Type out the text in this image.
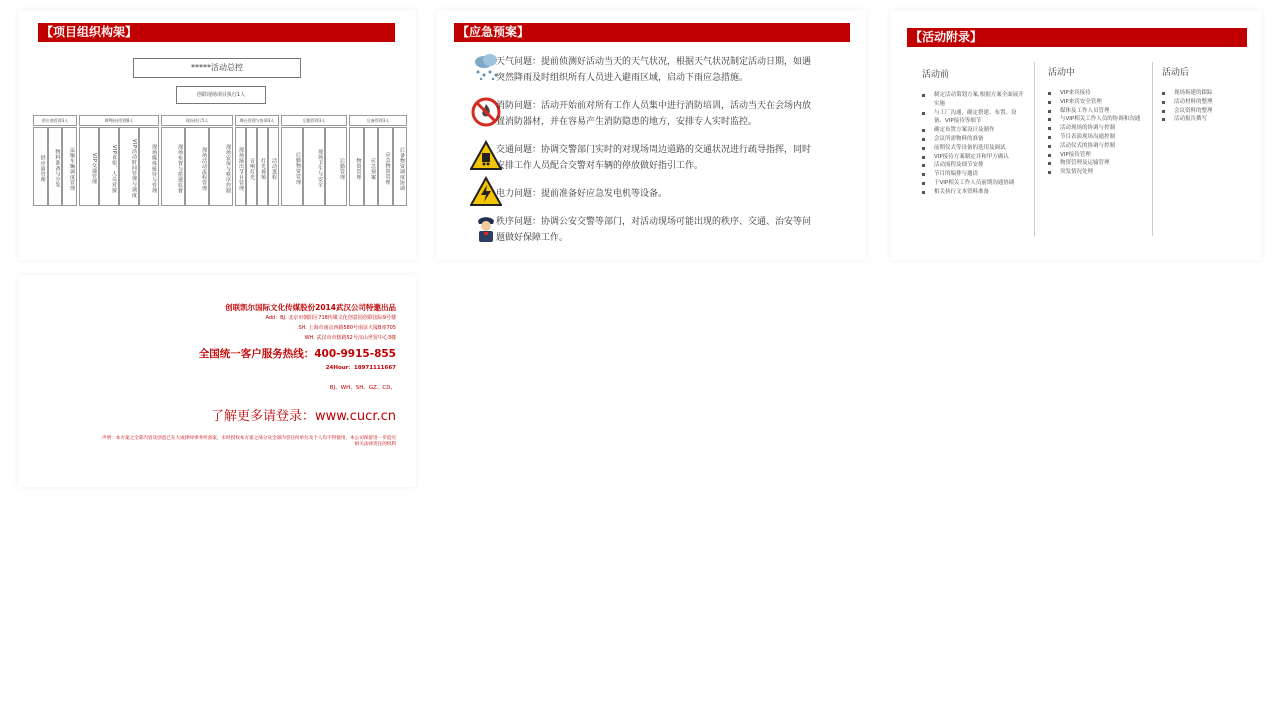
【项目组织构架】
*****活动总控
创联现场项目执行1人
供应商管理3人
供应商管理	物料准备与分发	运输车辆调度管理
VIP接待管理8人
VIP交通管理	VIP食宿、人员对接	VIP活动时间管理与调度	现场媒体接待与管理
现场执行5人
现场布置与搭建监督	现场活动流程管理	现场安保与秩序控制
舞台管理与协调3人
现场演出节目管理	音响灯光	灯光视频	活动进程
后勤管理3人
后勤物资管理	现场卫生与安全	后勤管理
后备管理3人
物资管理	应急预案	应急物资管理	后备物资调度协调
【应急预案】
天气问题：提前侦测好活动当天的天气状况，根据天气状况制定活动日期，如遇突然降雨及时组织所有人员进入避雨区域，启动下雨应急措施。
消防问题：活动开始前对所有工作人员集中进行消防培训，活动当天在会场内放置消防器材，并在容易产生消防隐患的地方，安排专人实时监控。
交通问题：协调交警部门实时的对现场周边道路的交通状况进行疏导指挥，同时安排工作人员配合交警对车辆的停放做好指引工作。
电力问题：提前准备好应急发电机等设备。
秩序问题：协调公安交警等部门，对活动现场可能出现的秩序、交通、治安等问题做好保障工作。
【活动附录】
活动前	活动中	活动后
制定活动策划方案,根据方案全面展开实施
与工厂沟通，确定搭建、布置、设备、VIP接待等细节
确定布置方案设计及制作
会议所需物料的准备
前期仪式等设备的选用及调试
VIP接待方案制定并和甲方确认
活动流程及细节安排
节目的编排与邀请
于VIP相关工作人员前期沟通协调
相关执行文本资料准备
VIP来宾接待
VIP来宾安全管理
媒体及工作人员管理
与VIP相关工作人员的协调和沟通
活动现场的协调与控制
节目表演现场沟通控制
活动仪式的协调与控制
VIP接待管理
物资管理及运输管理
突发情况处理
现场拆建的跟踪
活动材料的整理
会议资料的整理
活动报告撰写
创联凯尔国际文化传媒股份2014武汉公司特邀出品
Add：BJ. 北京市朝阳区718传媒文化创意园创联国际9号楼
SH. 上海市南京西路580号南证大厦B座705
WH. 武汉市市辖路52号汉山世贸中心3楼
全国统一客户服务热线：400-9915-855
24Hour：18971111667
BJ、WH、SH、GZ、CD、
了解更多请登录：www.cucr.cn
声明：本方案之全部内容及创意已在大成律师事务所备案，未经授权本方案之部分及全部内容任何单位及个人均不得使用，本公司保留进一步追究相关法律责任的权利
